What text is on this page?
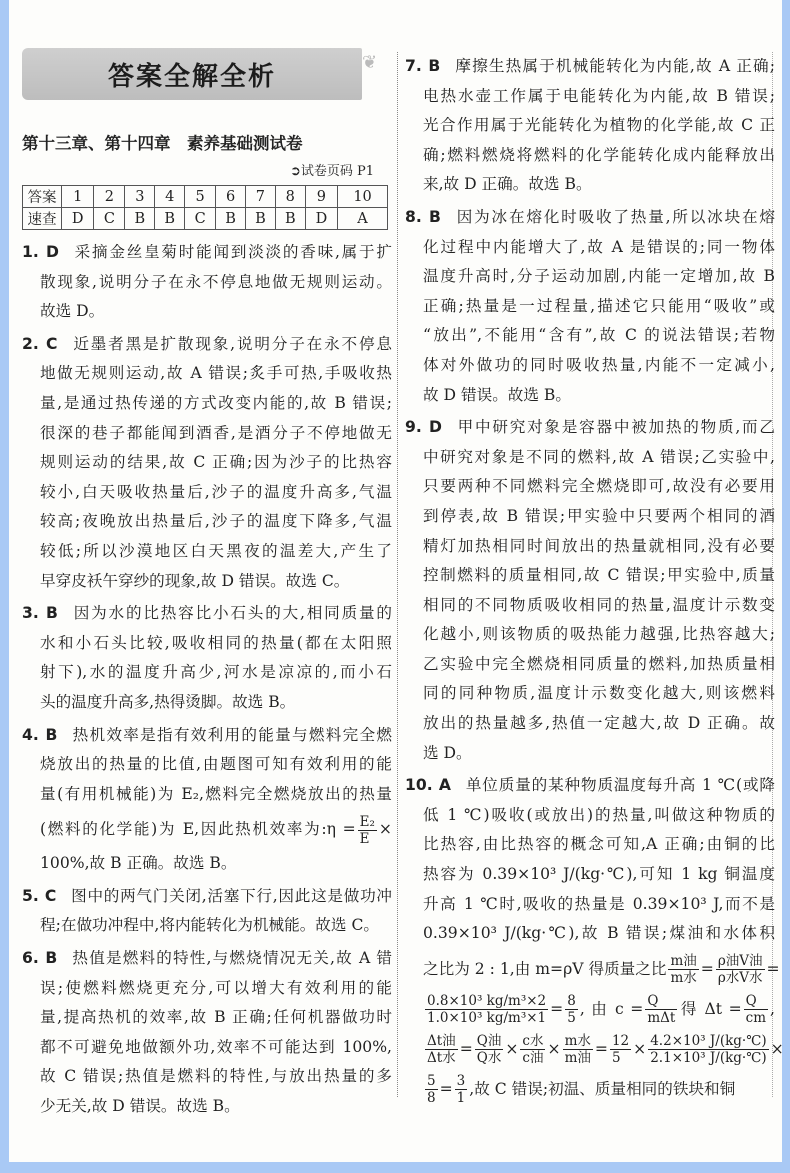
答案全解全析	❦
第十三章、第十四章　素养基础测试卷
➲试卷页码 P1
答案	1	2	3	4	5	6	7	8	9	10
速查	D	C	B	B	C	B	B	B	D	A
1. D 采摘金丝皇菊时能闻到淡淡的香味,属于扩
散现象,说明分子在永不停息地做无规则运动。
故选 D。
2. C 近墨者黑是扩散现象,说明分子在永不停息
地做无规则运动,故 A 错误;炙手可热,手吸收热
量,是通过热传递的方式改变内能的,故 B 错误;
很深的巷子都能闻到酒香,是酒分子不停地做无
规则运动的结果,故 C 正确;因为沙子的比热容
较小,白天吸收热量后,沙子的温度升高多,气温
较高;夜晚放出热量后,沙子的温度下降多,气温
较低;所以沙漠地区白天黑夜的温差大,产生了
早穿皮袄午穿纱的现象,故 D 错误。故选 C。
3. B 因为水的比热容比小石头的大,相同质量的
水和小石头比较,吸收相同的热量(都在太阳照
射下),水的温度升高少,河水是凉凉的,而小石
头的温度升高多,热得烫脚。故选 B。
4. B 热机效率是指有效利用的能量与燃料完全燃
烧放出的热量的比值,由题图可知有效利用的能
量(有用机械能)为 E₂,燃料完全燃烧放出的热量
(燃料的化学能)为 E,因此热机效率为:η = $\frac{\text{E₂}}{E}$ ×
100%,故 B 正确。故选 B。
5. C 图中的两气门关闭,活塞下行,因此这是做功冲
程;在做功冲程中,将内能转化为机械能。故选 C。
6. B 热值是燃料的特性,与燃烧情况无关,故 A 错
误;使燃料燃烧更充分,可以增大有效利用的能
量,提高热机的效率,故 B 正确;任何机器做功时
都不可避免地做额外功,效率不可能达到 100%,
故 C 错误;热值是燃料的特性,与放出热量的多
少无关,故 D 错误。故选 B。
7. B 摩擦生热属于机械能转化为内能,故 A 正确;
电热水壶工作属于电能转化为内能,故 B 错误;
光合作用属于光能转化为植物的化学能,故 C 正
确;燃料燃烧将燃料的化学能转化成内能释放出
来,故 D 正确。故选 B。
8. B 因为冰在熔化时吸收了热量,所以冰块在熔
化过程中内能增大了,故 A 是错误的;同一物体
温度升高时,分子运动加剧,内能一定增加,故 B
正确;热量是一过程量,描述它只能用“吸收”或
“放出”,不能用“含有”,故 C 的说法错误;若物
体对外做功的同时吸收热量,内能不一定减小,
故 D 错误。故选 B。
9. D 甲中研究对象是容器中被加热的物质,而乙
中研究对象是不同的燃料,故 A 错误;乙实验中,
只要两种不同燃料完全燃烧即可,故没有必要用
到停表,故 B 错误;甲实验中只要两个相同的酒
精灯加热相同时间放出的热量就相同,没有必要
控制燃料的质量相同,故 C 错误;甲实验中,质量
相同的不同物质吸收相同的热量,温度计示数变
化越小,则该物质的吸热能力越强,比热容越大;
乙实验中完全燃烧相同质量的燃料,加热质量相
同的同种物质,温度计示数变化越大,则该燃料
放出的热量越多,热值一定越大,故 D 正确。故
选 D。
10. A 单位质量的某种物质温度每升高 1 ℃(或降
低 1 ℃)吸收(或放出)的热量,叫做这种物质的
比热容,由比热容的概念可知,A 正确;由铜的比
热容为 0.39×10³ J/(kg·℃),可知 1 kg 铜温度
升高 1 ℃时,吸收的热量是 0.39×10³ J,而不是
0.39×10³ J/(kg·℃),故 B 错误;煤油和水体积
之比为 2 : 1,由 m=ρV 得质量之比 $\frac{\text{m油}}{\text{m水}} = \frac{\text{ρ油V油}}{\text{ρ水V水}}$ =
$\frac{\text{0.8×10³ kg/m³×2}}{\text{1.0×10³ kg/m³×1}} = \frac{8}{5}$ , 由 $c = \frac{Q}{\text{mΔt}}$ 得 $\Delta t = \frac{Q}{cm}$ ,
$\frac{\text{Δt油}}{\text{Δt水}} = \frac{\text{Q油}}{\text{Q水}} \times \frac{\text{c水}}{\text{c油}} \times \frac{\text{m水}}{\text{m油}} = \frac{12}{5} \times \frac{\text{4.2×10³ J/(kg·℃)}}{\text{2.1×10³ J/(kg·℃)}}$ ×
$\frac{5}{8} = \frac{3}{1}$ ,故 C 错误;初温、质量相同的铁块和铜
